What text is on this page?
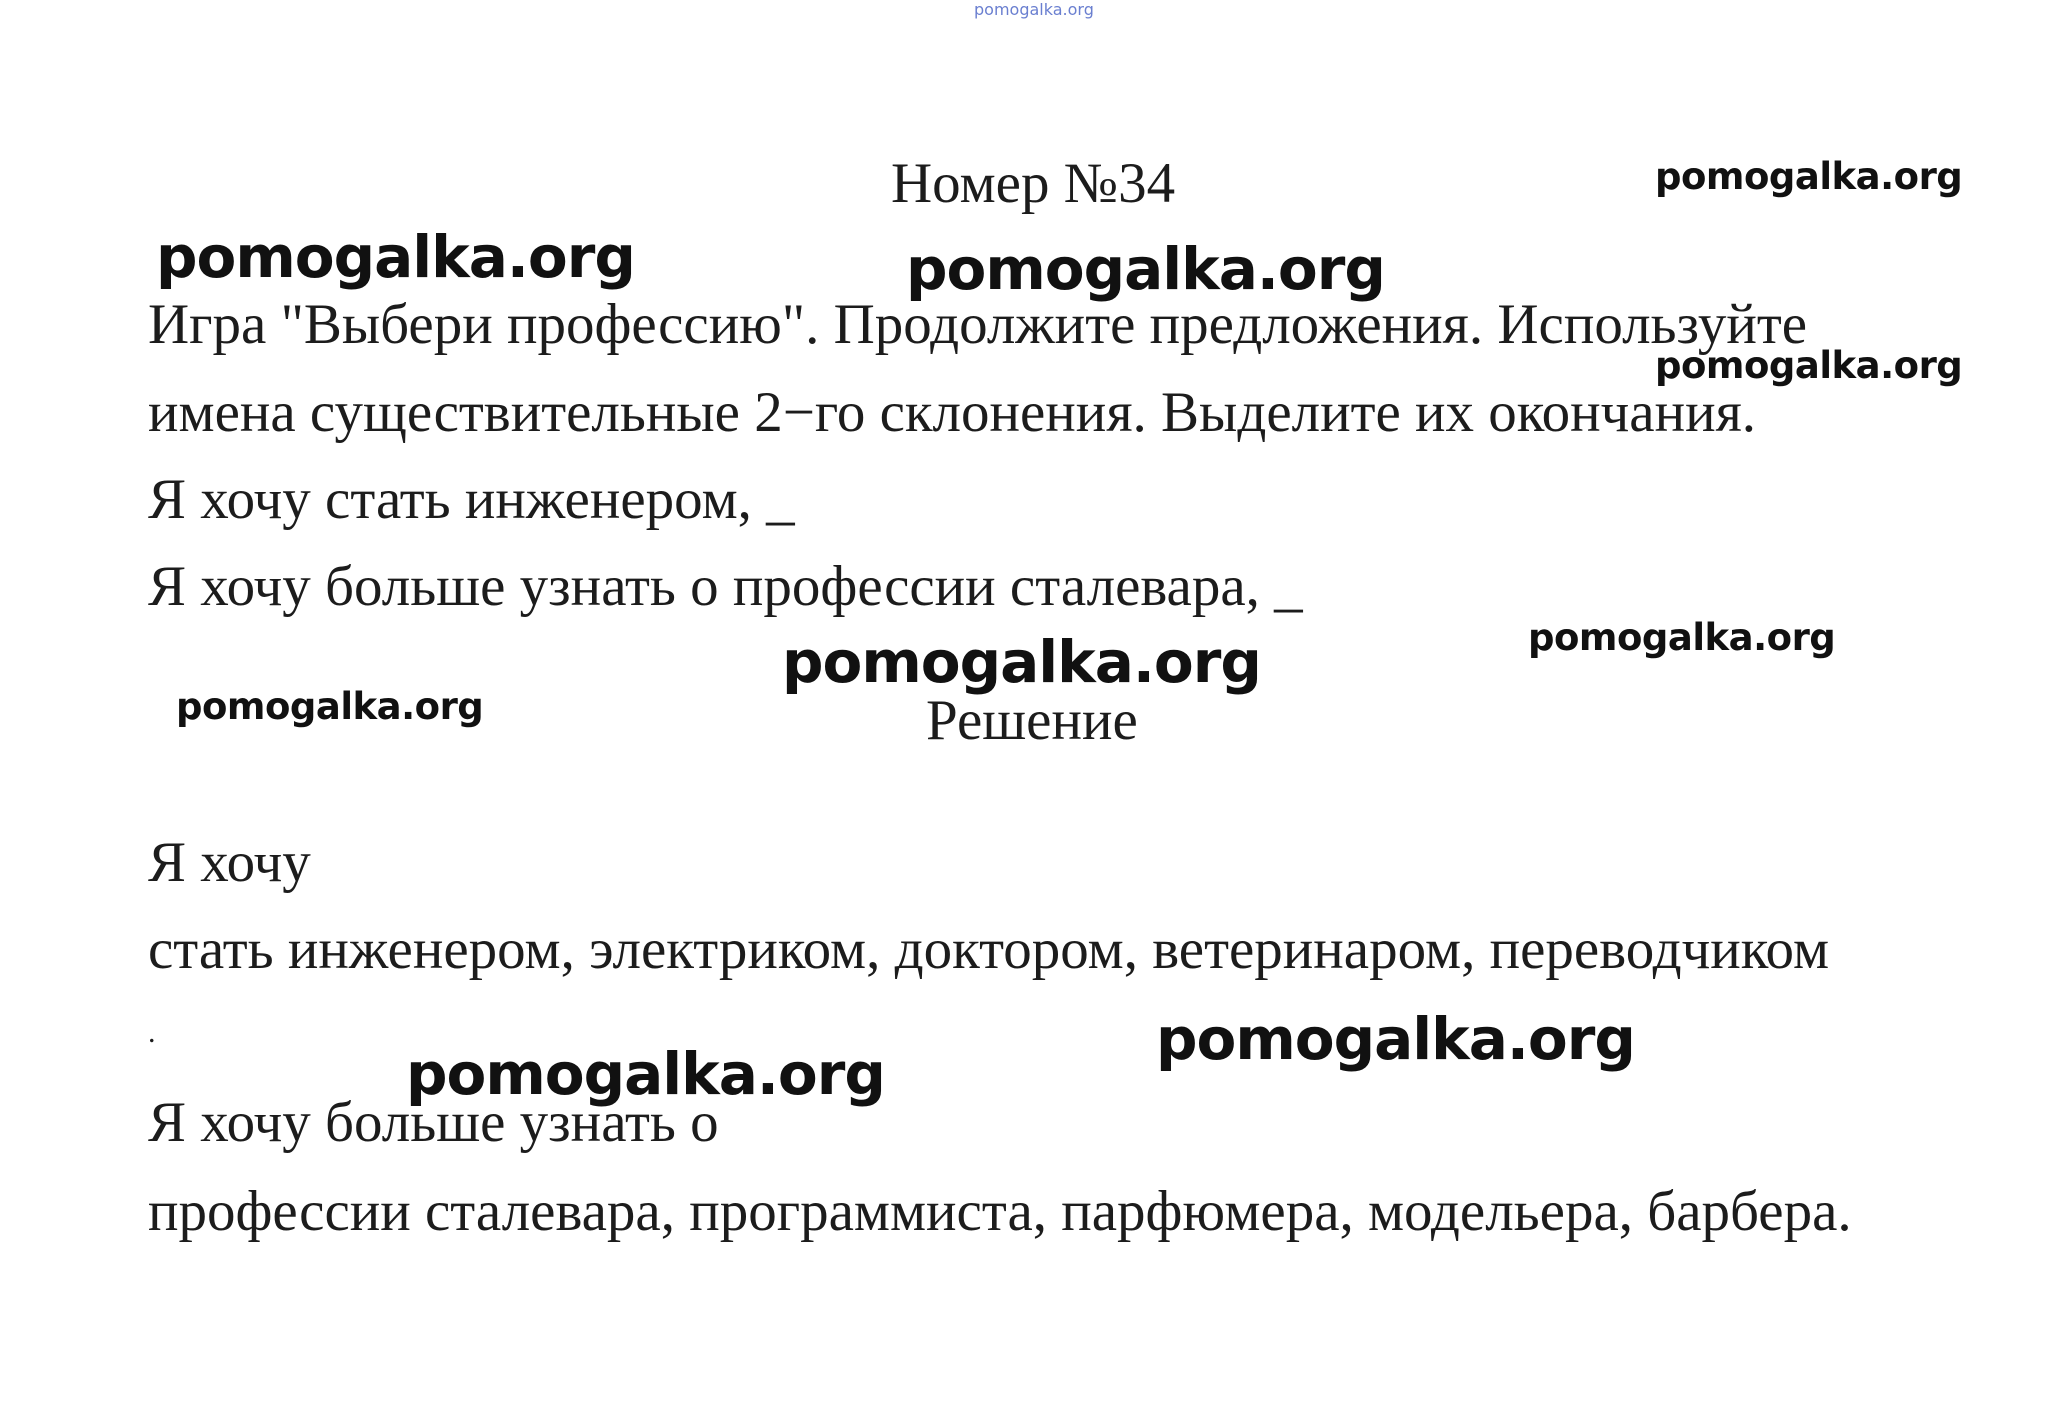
pomogalka.org
Номер №34
Игра "Выбери профессию". Продолжите предложения. Используйте
имена существительные 2−го склонения. Выделите их окончания.
Я хочу стать инженером, _
Я хочу больше узнать о профессии сталевара, _
Решение
Я хочу
стать инженером, электриком, доктором, ветеринаром, переводчиком
.
Я хочу больше узнать о
профессии сталевара, программиста, парфюмера, модельера, барбера.
pomogalka.org
pomogalka.org	pomogalka.org
pomogalka.org
pomogalka.org
pomogalka.org
pomogalka.org
pomogalka.org
pomogalka.org
